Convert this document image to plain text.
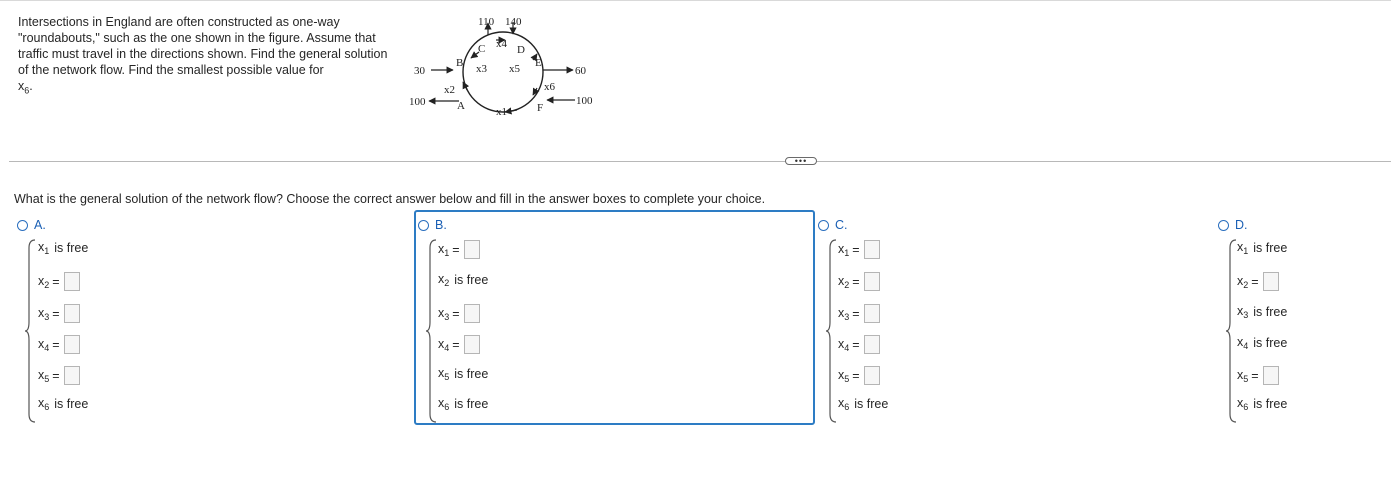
Intersections in England are often constructed as one-way "roundabouts," such as the one shown in the figure. Assume that traffic must travel in the directions shown. Find the general solution of the network flow. Find the smallest possible value for
$x_6$.
110 140
30
100
60
100
A
B
C	D
E
F
x1
x2
x3
x4
x5
x6
•••
What is the general solution of the network flow? Choose the correct answer below and fill in the answer boxes to complete your choice.
A.
$x_1$ is free
$x_2$ =
$x_3$ =
$x_4$ =
$x_5$ =
$x_6$ is free
B.
$x_1$ =
$x_2$ is free
$x_3$ =
$x_4$ =
$x_5$ is free
$x_6$ is free
C.
$x_1$ =
$x_2$ =
$x_3$ =
$x_4$ =
$x_5$ =
$x_6$ is free
D.
$x_1$ is free
$x_2$ =
$x_3$ is free
$x_4$ is free
$x_5$ =
$x_6$ is free
